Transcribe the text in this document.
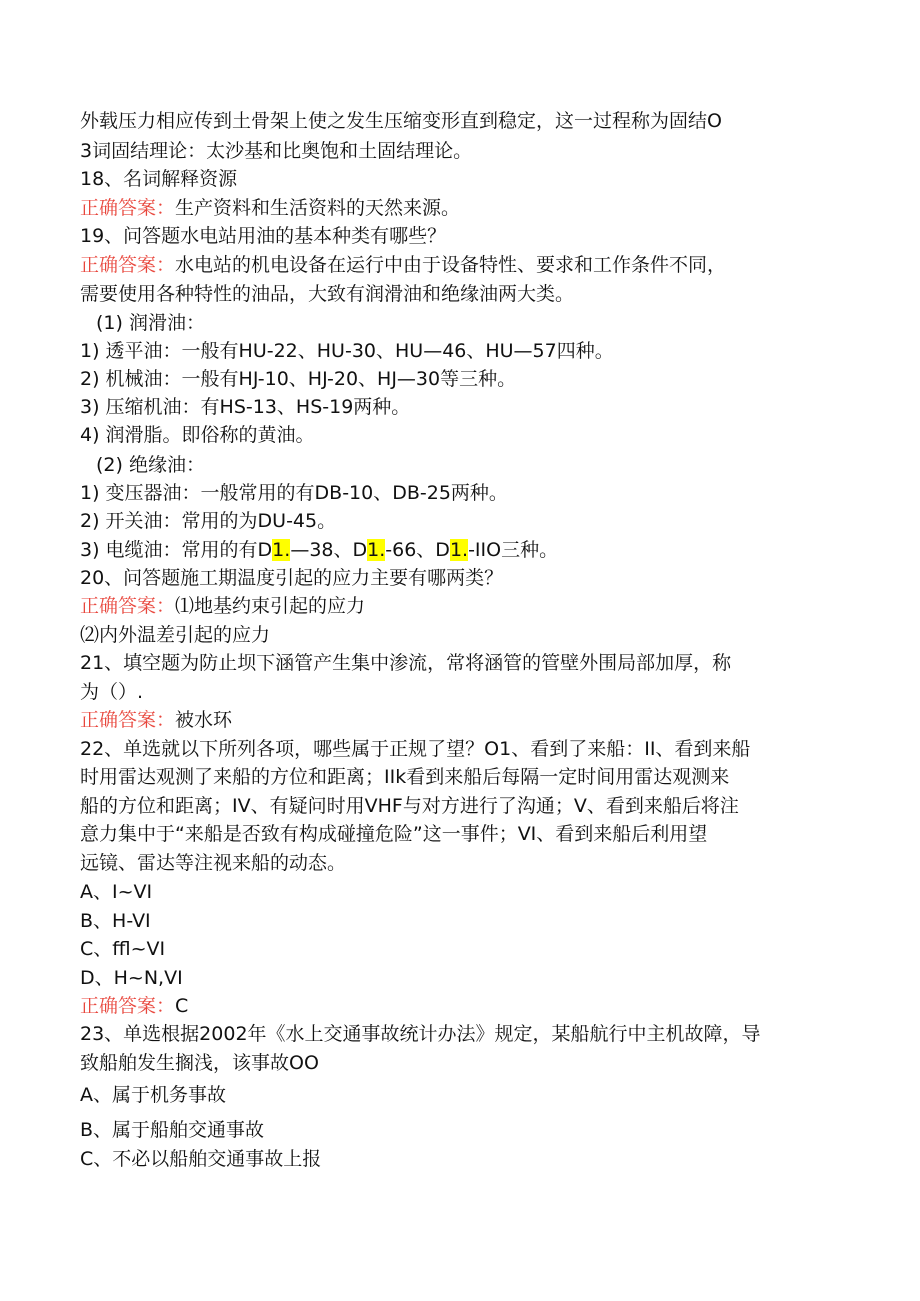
外载压力相应传到土骨架上使之发生压缩变形直到稳定，这一过程称为固结O
3词固结理论：太沙基和比奥饱和土固结理论。
18、名词解释资源
正确答案：生产资料和生活资料的天然来源。
19、问答题水电站用油的基本种类有哪些？
正确答案：水电站的机电设备在运行中由于设备特性、要求和工作条件不同，
需要使用各种特性的油品，大致有润滑油和绝缘油两大类。
(1) 润滑油：
1) 透平油：一般有HU-22、HU-30、HU—46、HU—57四种。
2) 机械油：一般有HJ-10、HJ-20、HJ—30等三种。
3) 压缩机油：有HS-13、HS-19两种。
4) 润滑脂。即俗称的黄油。
(2) 绝缘油：
1) 变压器油：一般常用的有DB-10、DB-25两种。
2) 开关油：常用的为DU-45。
3) 电缆油：常用的有D1.—38、D1.-66、D1.-IIO三种。
20、问答题施工期温度引起的应力主要有哪两类？
正确答案：⑴地基约束引起的应力
⑵内外温差引起的应力
21、填空题为防止坝下涵管产生集中渗流，常将涵管的管壁外围局部加厚，称
为（）.
正确答案：被水环
22、单选就以下所列各项，哪些属于正规了望？O1、看到了来船：II、看到来船
时用雷达观测了来船的方位和距离；IIk看到来船后每隔一定时间用雷达观测来
船的方位和距离；IV、有疑问时用VHF与对方进行了沟通；V、看到来船后将注
意力集中于“来船是否致有构成碰撞危险”这一事件；VI、看到来船后利用望
远镜、雷达等注视来船的动态。
A、I~VI
B、H-VI
C、ffl~VI
D、H~N,VI
正确答案：C
23、单选根据2002年《水上交通事故统计办法》规定，某船航行中主机故障，导
致船舶发生搁浅，该事故OO
A、属于机务事故
B、属于船舶交通事故
C、不必以船舶交通事故上报
